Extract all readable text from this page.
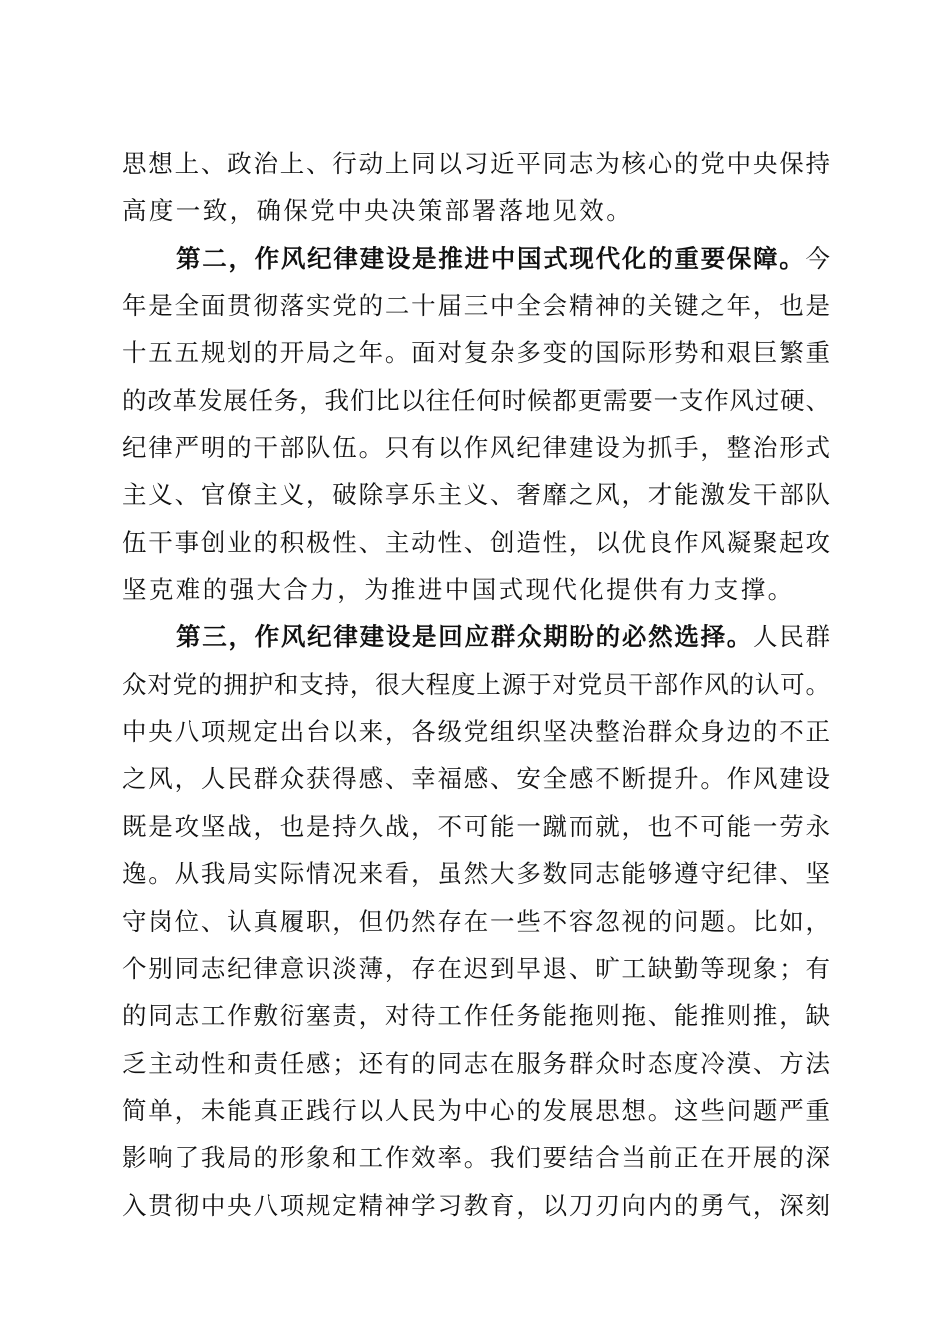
思想上、政治上、行动上同以习近平同志为核心的党中央保持
高度一致，确保党中央决策部署落地见效。
第二，作风纪律建设是推进中国式现代化的重要保障。今
年是全面贯彻落实党的二十届三中全会精神的关键之年，也是
十五五规划的开局之年。面对复杂多变的国际形势和艰巨繁重
的改革发展任务，我们比以往任何时候都更需要一支作风过硬、
纪律严明的干部队伍。只有以作风纪律建设为抓手，整治形式
主义、官僚主义，破除享乐主义、奢靡之风，才能激发干部队
伍干事创业的积极性、主动性、创造性，以优良作风凝聚起攻
坚克难的强大合力，为推进中国式现代化提供有力支撑。
第三，作风纪律建设是回应群众期盼的必然选择。人民群
众对党的拥护和支持，很大程度上源于对党员干部作风的认可。
中央八项规定出台以来，各级党组织坚决整治群众身边的不正
之风，人民群众获得感、幸福感、安全感不断提升。作风建设
既是攻坚战，也是持久战，不可能一蹴而就，也不可能一劳永
逸。从我局实际情况来看，虽然大多数同志能够遵守纪律、坚
守岗位、认真履职，但仍然存在一些不容忽视的问题。比如，
个别同志纪律意识淡薄，存在迟到早退、旷工缺勤等现象；有
的同志工作敷衍塞责，对待工作任务能拖则拖、能推则推，缺
乏主动性和责任感；还有的同志在服务群众时态度冷漠、方法
简单，未能真正践行以人民为中心的发展思想。这些问题严重
影响了我局的形象和工作效率。我们要结合当前正在开展的深
入贯彻中央八项规定精神学习教育，以刀刃向内的勇气，深刻
